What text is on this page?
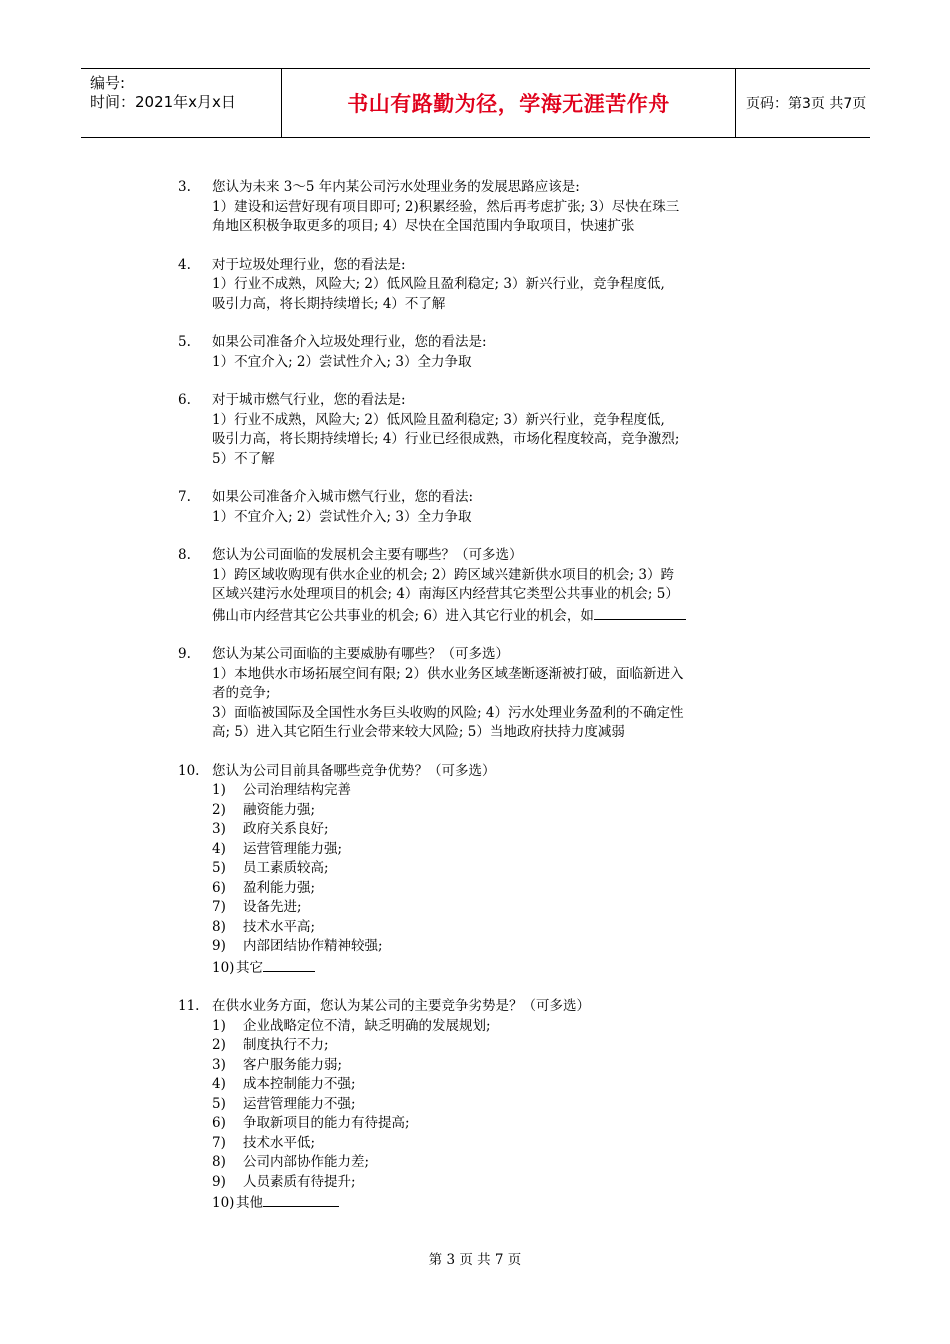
编号:
时间：2021年x月x日	书山有路勤为径，学海无涯苦作舟	页码：第3页 共7页
3. 您认为未来 3～5 年内某公司污水处理业务的发展思路应该是:
1）建设和运营好现有项目即可; 2)积累经验，然后再考虑扩张; 3）尽快在珠三
角地区积极争取更多的项目; 4）尽快在全国范围内争取项目，快速扩张
4. 对于垃圾处理行业，您的看法是:
1）行业不成熟，风险大; 2）低风险且盈利稳定; 3）新兴行业，竞争程度低,
吸引力高，将长期持续增长; 4）不了解
5. 如果公司准备介入垃圾处理行业，您的看法是:
1）不宜介入; 2）尝试性介入; 3）全力争取
6. 对于城市燃气行业，您的看法是:
1）行业不成熟，风险大; 2）低风险且盈利稳定; 3）新兴行业，竞争程度低,
吸引力高，将长期持续增长; 4）行业已经很成熟，市场化程度较高，竞争激烈;
5）不了解
7. 如果公司准备介入城市燃气行业，您的看法:
1）不宜介入; 2）尝试性介入; 3）全力争取
8. 您认为公司面临的发展机会主要有哪些？（可多选）
1）跨区域收购现有供水企业的机会; 2）跨区域兴建新供水项目的机会; 3）跨
区域兴建污水处理项目的机会; 4）南海区内经营其它类型公共事业的机会; 5）
佛山市内经营其它公共事业的机会; 6）进入其它行业的机会，如
9. 您认为某公司面临的主要威胁有哪些？（可多选）
1）本地供水市场拓展空间有限; 2）供水业务区域垄断逐渐被打破，面临新进入
者的竞争;
3）面临被国际及全国性水务巨头收购的风险; 4）污水处理业务盈利的不确定性
高; 5）进入其它陌生行业会带来较大风险; 5）当地政府扶持力度减弱
10. 您认为公司目前具备哪些竞争优势？（可多选）
1) 公司治理结构完善
2) 融资能力强;
3) 政府关系良好;
4) 运营管理能力强;
5) 员工素质较高;
6) 盈利能力强;
7) 设备先进;
8) 技术水平高;
9) 内部团结协作精神较强;
10) 其它
11. 在供水业务方面，您认为某公司的主要竞争劣势是？（可多选）
1) 企业战略定位不清，缺乏明确的发展规划;
2) 制度执行不力;
3) 客户服务能力弱;
4) 成本控制能力不强;
5) 运营管理能力不强;
6) 争取新项目的能力有待提高;
7) 技术水平低;
8) 公司内部协作能力差;
9) 人员素质有待提升;
10) 其他
第 3 页 共 7 页
